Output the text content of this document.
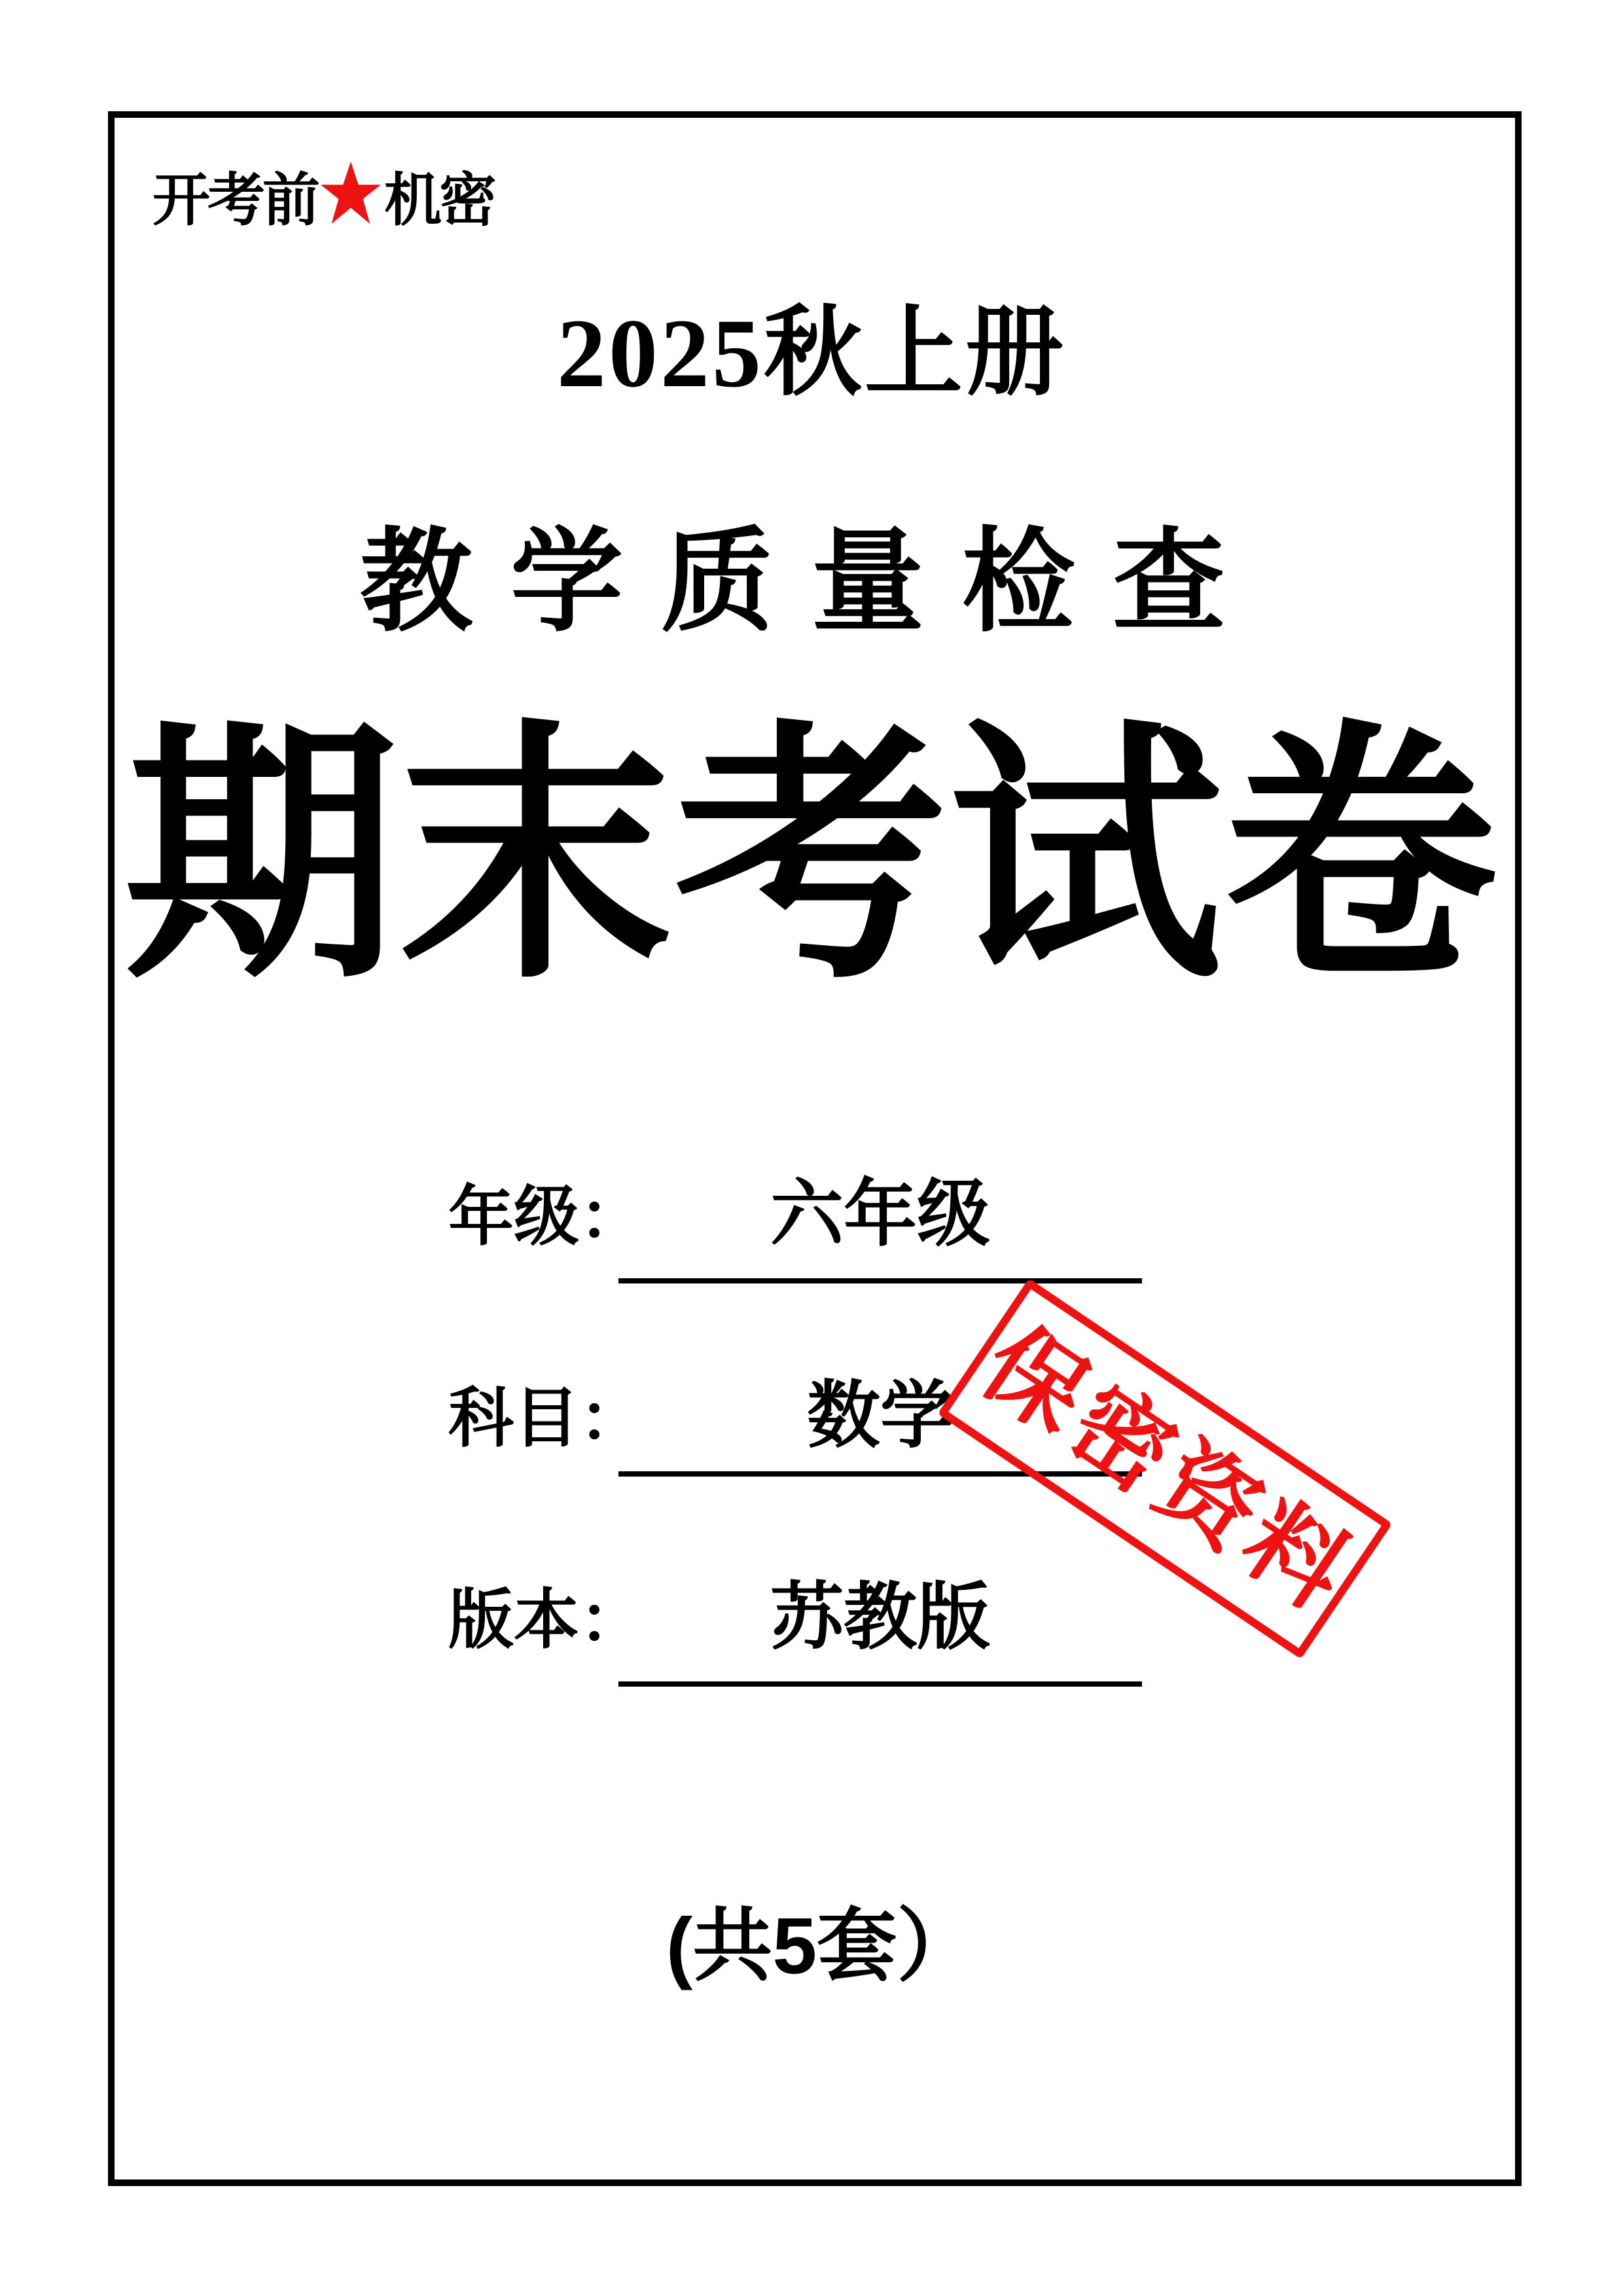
开考前 机密
2025秋上册
教学质量检查
期末考试卷
年级： 六年级
科目： 数学
版本： 苏教版
保密资料
(共5套）
